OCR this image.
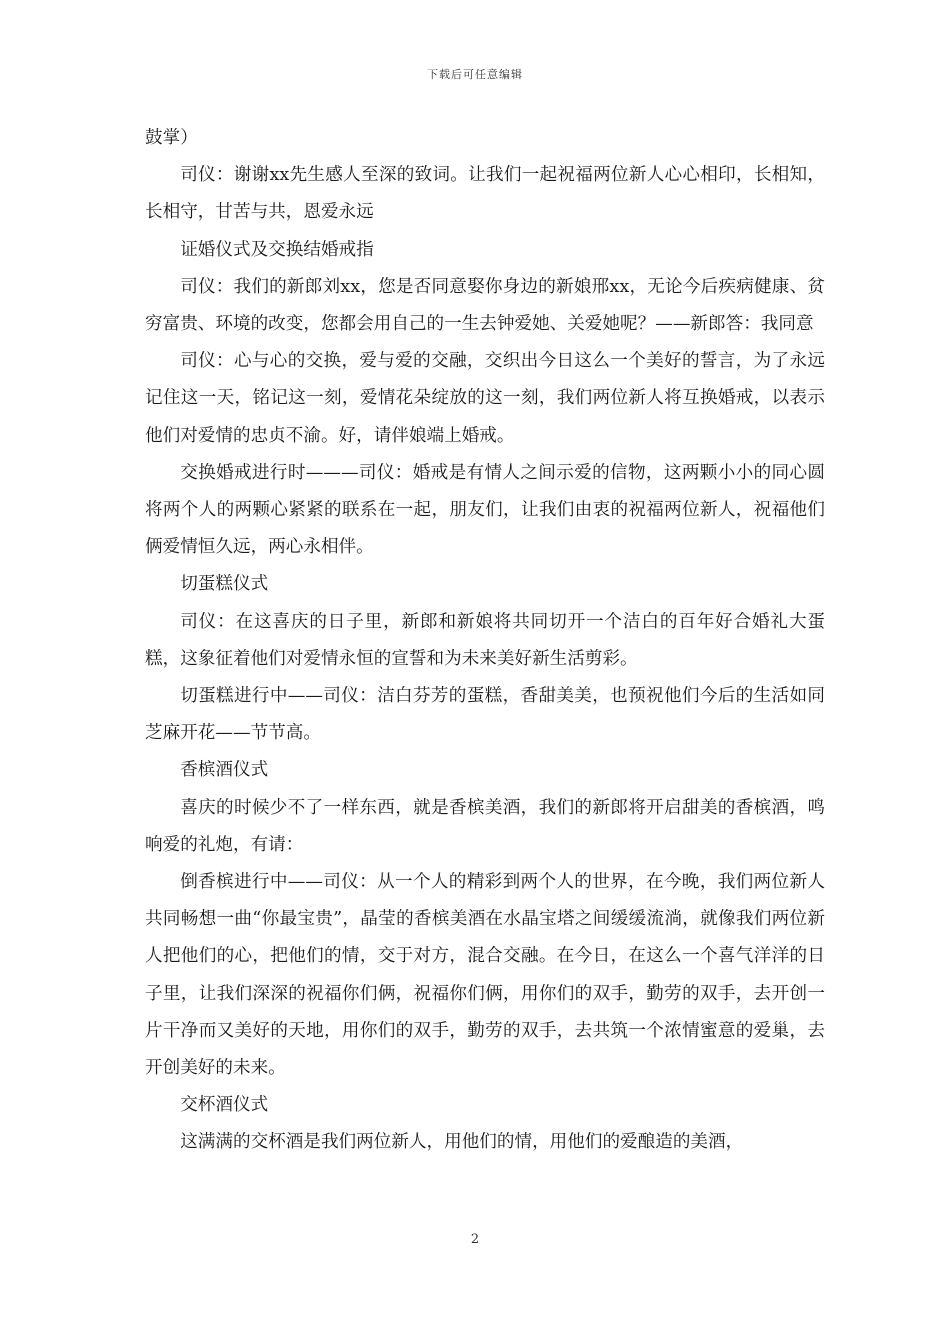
下载后可任意编辑

鼓掌）

司仪：谢谢xx先生感人至深的致词。让我们一起祝福两位新人心心相印，长相知，长相守，甘苦与共，恩爱永远

证婚仪式及交换结婚戒指

司仪：我们的新郎刘xx，您是否同意娶你身边的新娘邢xx，无论今后疾病健康、贫穷富贵、环境的改变，您都会用自己的一生去钟爱她、关爱她呢？——新郎答：我同意

司仪：心与心的交换，爱与爱的交融，交织出今日这么一个美好的誓言，为了永远记住这一天，铭记这一刻，爱情花朵绽放的这一刻，我们两位新人将互换婚戒，以表示他们对爱情的忠贞不渝。好，请伴娘端上婚戒。

交换婚戒进行时———司仪：婚戒是有情人之间示爱的信物，这两颗小小的同心圆将两个人的两颗心紧紧的联系在一起，朋友们，让我们由衷的祝福两位新人，祝福他们俩爱情恒久远，两心永相伴。

切蛋糕仪式

司仪：在这喜庆的日子里，新郎和新娘将共同切开一个洁白的百年好合婚礼大蛋糕，这象征着他们对爱情永恒的宣誓和为未来美好新生活剪彩。

切蛋糕进行中——司仪：洁白芬芳的蛋糕，香甜美美，也预祝他们今后的生活如同芝麻开花——节节高。

香槟酒仪式

喜庆的时候少不了一样东西，就是香槟美酒，我们的新郎将开启甜美的香槟酒，鸣响爱的礼炮，有请：

倒香槟进行中——司仪：从一个人的精彩到两个人的世界，在今晚，我们两位新人共同畅想一曲“你最宝贵”，晶莹的香槟美酒在水晶宝塔之间缓缓流淌，就像我们两位新人把他们的心，把他们的情，交于对方，混合交融。在今日，在这么一个喜气洋洋的日子里，让我们深深的祝福你们俩，祝福你们俩，用你们的双手，勤劳的双手，去开创一片干净而又美好的天地，用你们的双手，勤劳的双手，去共筑一个浓情蜜意的爱巢，去开创美好的未来。

交杯酒仪式

这满满的交杯酒是我们两位新人，用他们的情，用他们的爱酿造的美酒，

2
